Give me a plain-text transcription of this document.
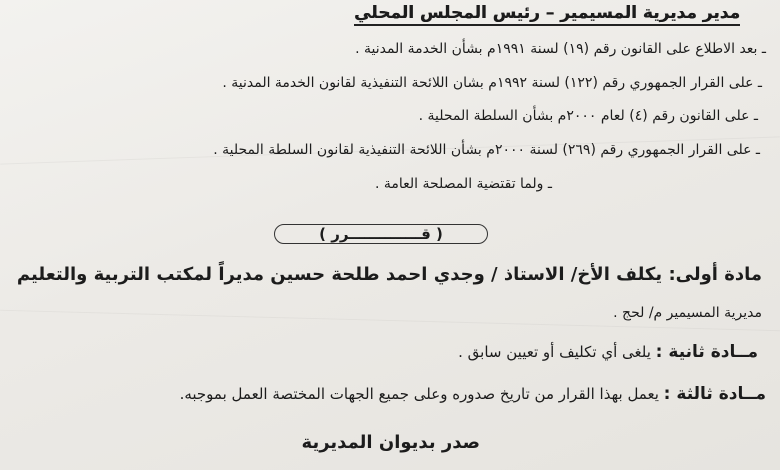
مدير مديرية المسيمير – رئيس المجلس المحلي
ـ بعد الاطلاع على القانون رقم (١٩) لسنة ١٩٩١م بشأن الخدمة المدنية .
ـ على القرار الجمهوري رقم (١٢٢) لسنة ١٩٩٢م بشان اللائحة التنفيذية لقانون الخدمة المدنية .
ـ على القانون رقم (٤) لعام ٢٠٠٠م بشأن السلطة المحلية .
ـ على القرار الجمهوري رقم (٢٦٩) لسنة ٢٠٠٠م بشأن اللائحة التنفيذية لقانون السلطة المحلية .
ـ ولما تقتضية المصلحة العامة .
( قــــــــــــــرر )
مادة أولى: يكلف الأخ/ الاستاذ / وجدي احمد طلحة حسين مديراً لمكتب التربية والتعليم
مديرية المسيمير م/ لحج .
مــادة ثانية : يلغى أي تكليف أو تعيين سابق .
مــادة ثالثة : يعمل بهذا القرار من تاريخ صدوره وعلى جميع الجهات المختصة العمل بموجبه.
صدر بديوان المديرية
